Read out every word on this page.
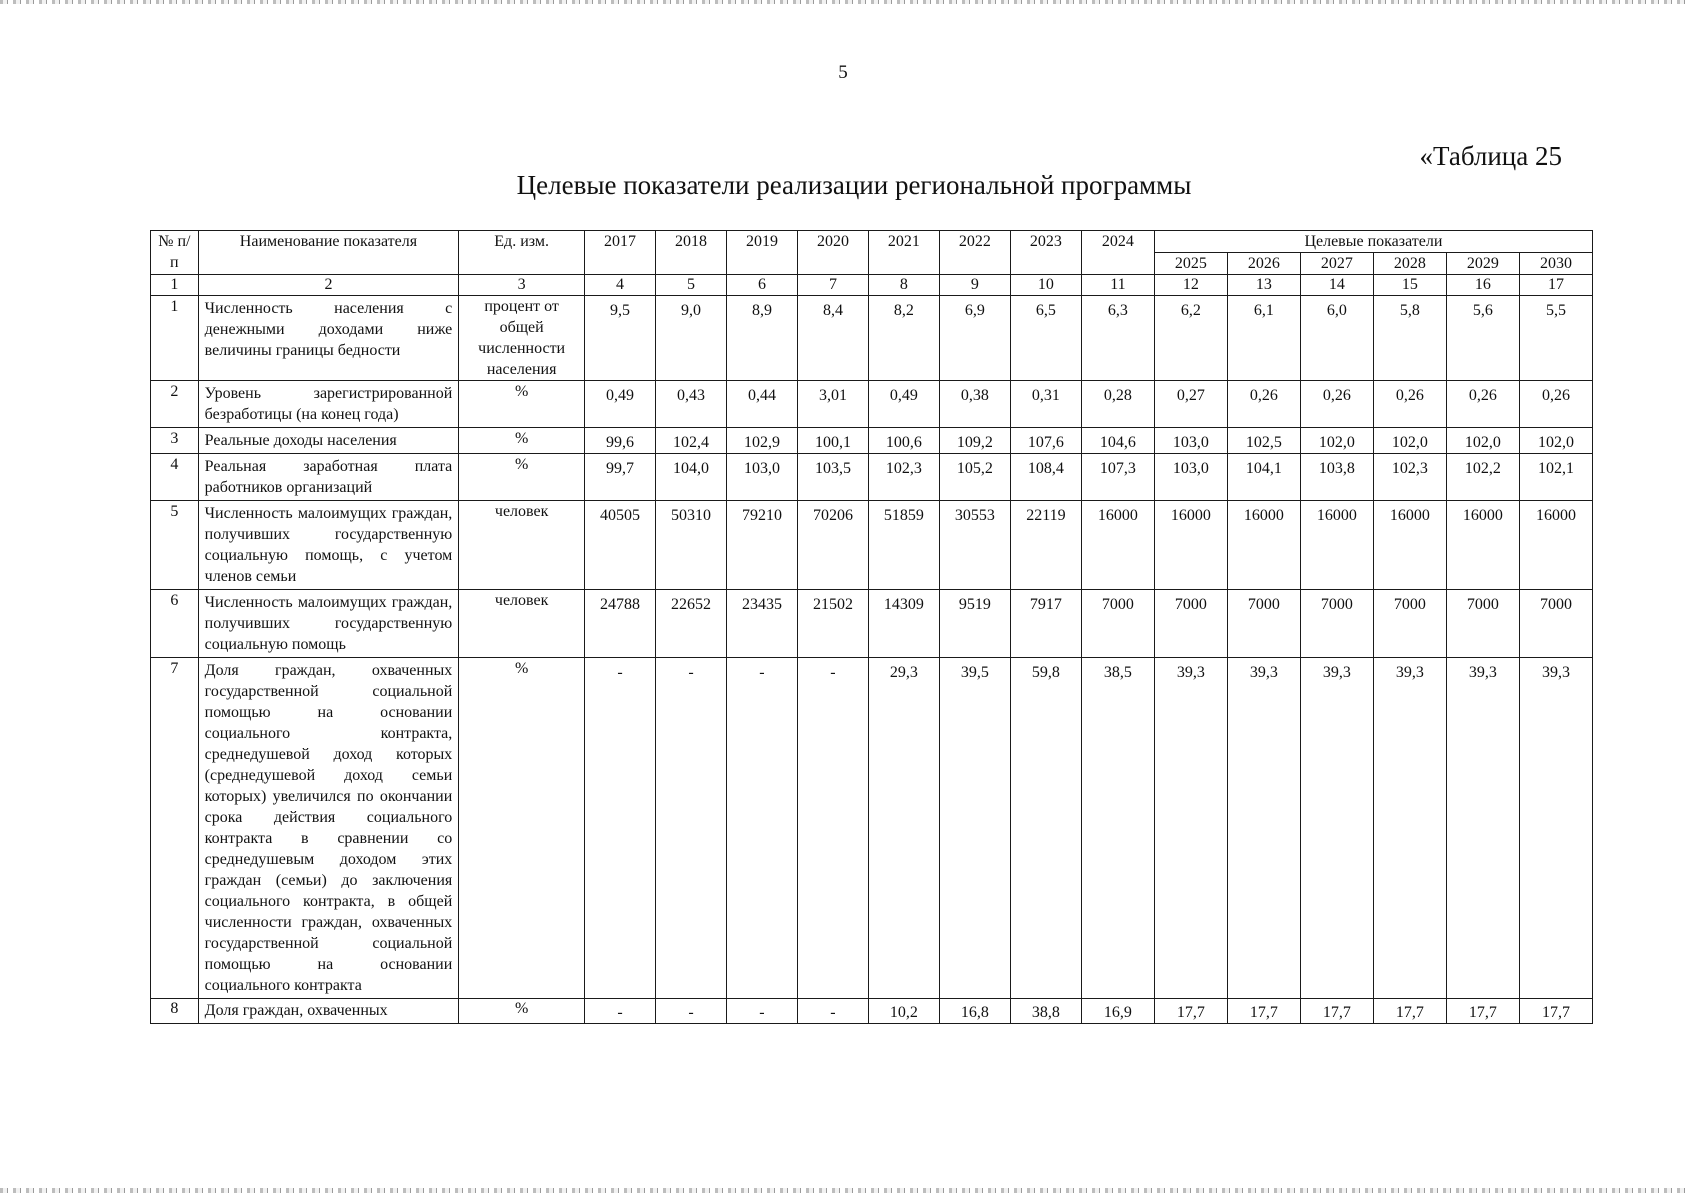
5
«Таблица 25
Целевые показатели реализации региональной программы
№ п/п	Наименование показателя	Ед. изм.	2017	2018	2019	2020	2021	2022	2023	2024	Целевые показатели					
											2025	2026	2027	2028	2029	2030
1	2	3	4	5	6	7	8	9	10	11	12	13	14	15	16	17
1	Численность населения с денежными доходами ниже величины границы бедности	процент от общей численности населения	9,5	9,0	8,9	8,4	8,2	6,9	6,5	6,3	6,2	6,1	6,0	5,8	5,6	5,5
2	Уровень зарегистрированной безработицы (на конец года)	%	0,49	0,43	0,44	3,01	0,49	0,38	0,31	0,28	0,27	0,26	0,26	0,26	0,26	0,26
3	Реальные доходы населения	%	99,6	102,4	102,9	100,1	100,6	109,2	107,6	104,6	103,0	102,5	102,0	102,0	102,0	102,0
4	Реальная заработная плата работников организаций	%	99,7	104,0	103,0	103,5	102,3	105,2	108,4	107,3	103,0	104,1	103,8	102,3	102,2	102,1
5	Численность малоимущих граждан, получивших государственную социальную помощь, с учетом членов семьи	человек	40505	50310	79210	70206	51859	30553	22119	16000	16000	16000	16000	16000	16000	16000
6	Численность малоимущих граждан, получивших государственную социальную помощь	человек	24788	22652	23435	21502	14309	9519	7917	7000	7000	7000	7000	7000	7000	7000
7	Доля граждан, охваченных государственной социальной помощью на основании социального контракта, среднедушевой доход которых (среднедушевой доход семьи которых) увеличился по окончании срока действия социального контракта в сравнении со среднедушевым доходом этих граждан (семьи) до заключения социального контракта, в общей численности граждан, охваченных государственной социальной помощью на основании социального контракта	%	-	-	-	-	29,3	39,5	59,8	38,5	39,3	39,3	39,3	39,3	39,3	39,3
8	Доля граждан, охваченных	%	-	-	-	-	10,2	16,8	38,8	16,9	17,7	17,7	17,7	17,7	17,7	17,7
